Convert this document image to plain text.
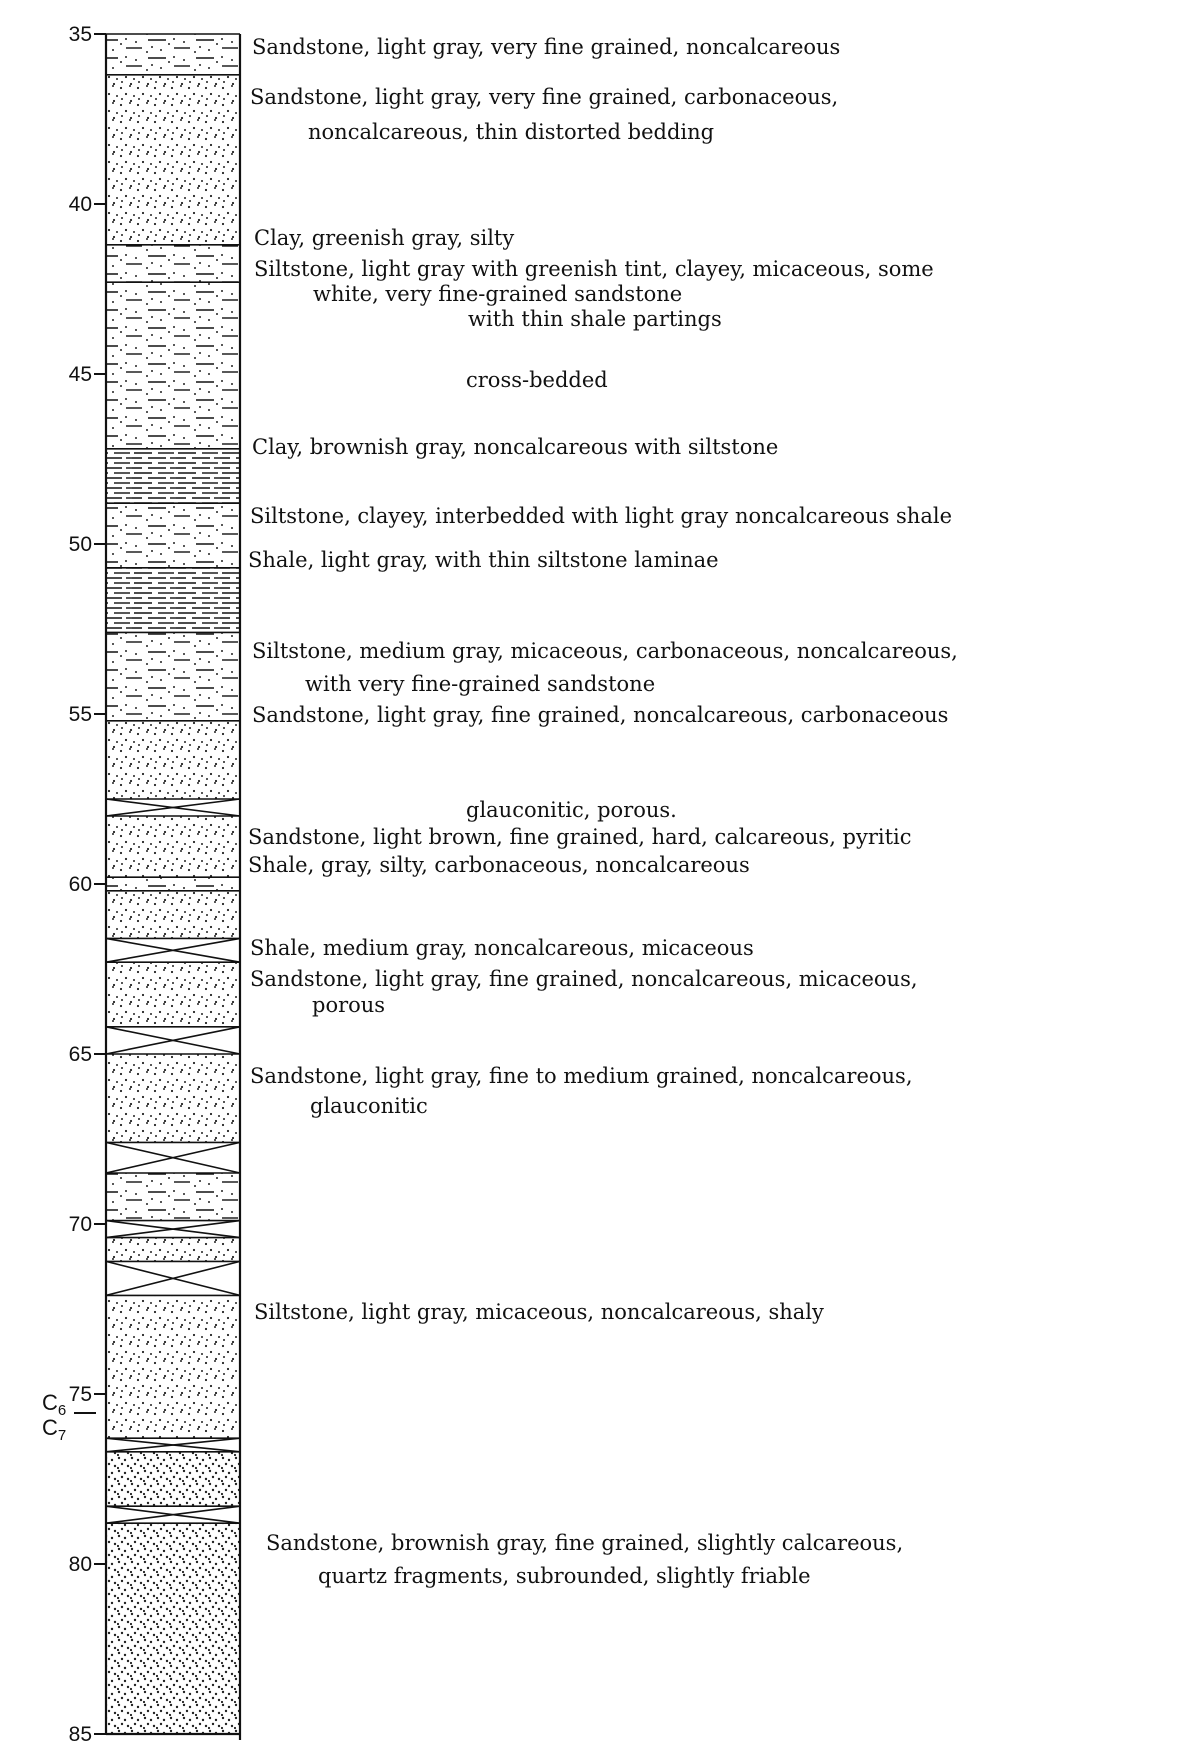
35
40
45
50
55
60
65
70
75
80
85
$C_6$
$C_7$
Sandstone, light gray, very fine grained, noncalcareous
Sandstone, light gray, very fine grained, carbonaceous, noncalcareous, thin distorted bedding
Clay, greenish gray, silty
Siltstone, light gray with greenish tint, clayey, micaceous, some white, very fine-grained sandstone with thin shale partings
cross-bedded
Clay, brownish gray, noncalcareous with siltstone
Siltstone, clayey, interbedded with light gray noncalcareous shale
Shale, light gray, with thin siltstone laminae
Siltstone, medium gray, micaceous, carbonaceous, noncalcareous, with very fine-grained sandstone
Sandstone, light gray, fine grained, noncalcareous, carbonaceous
glauconitic, porous.
Sandstone, light brown, fine grained, hard, calcareous, pyritic
Shale, gray, silty, carbonaceous, noncalcareous
Shale, medium gray, noncalcareous, micaceous
Sandstone, light gray, fine grained, noncalcareous, micaceous, porous
Sandstone, light gray, fine to medium grained, noncalcareous, glauconitic
Siltstone, light gray, micaceous, noncalcareous, shaly
Sandstone, brownish gray, fine grained, slightly calcareous, quartz fragments, subrounded, slightly friable
